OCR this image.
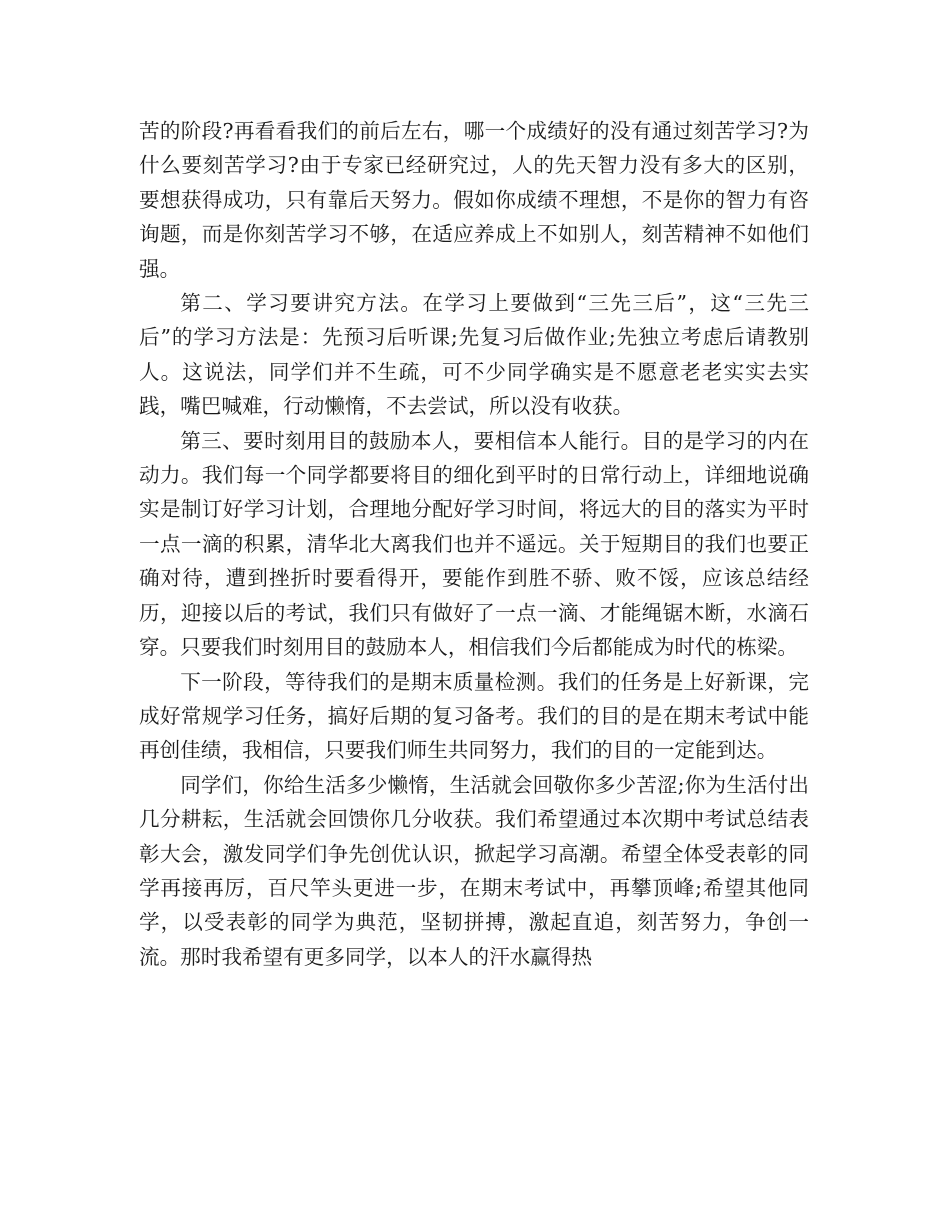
苦的阶段?再看看我们的前后左右，哪一个成绩好的没有通过刻苦学习?为什么要刻苦学习?由于专家已经研究过，人的先天智力没有多大的区别，要想获得成功，只有靠后天努力。假如你成绩不理想，不是你的智力有咨询题，而是你刻苦学习不够，在适应养成上不如别人，刻苦精神不如他们强。

第二、学习要讲究方法。在学习上要做到“三先三后”，这“三先三后”的学习方法是：先预习后听课;先复习后做作业;先独立考虑后请教别人。这说法，同学们并不生疏，可不少同学确实是不愿意老老实实去实践，嘴巴喊难，行动懒惰，不去尝试，所以没有收获。

第三、要时刻用目的鼓励本人，要相信本人能行。目的是学习的内在动力。我们每一个同学都要将目的细化到平时的日常行动上，详细地说确实是制订好学习计划，合理地分配好学习时间，将远大的目的落实为平时一点一滴的积累，清华北大离我们也并不遥远。关于短期目的我们也要正确对待，遭到挫折时要看得开，要能作到胜不骄、败不馁，应该总结经历，迎接以后的考试，我们只有做好了一点一滴、才能绳锯木断，水滴石穿。只要我们时刻用目的鼓励本人，相信我们今后都能成为时代的栋梁。

下一阶段，等待我们的是期末质量检测。我们的任务是上好新课，完成好常规学习任务，搞好后期的复习备考。我们的目的是在期末考试中能再创佳绩，我相信，只要我们师生共同努力，我们的目的一定能到达。

同学们，你给生活多少懒惰，生活就会回敬你多少苦涩;你为生活付出几分耕耘，生活就会回馈你几分收获。我们希望通过本次期中考试总结表彰大会，激发同学们争先创优认识，掀起学习高潮。希望全体受表彰的同学再接再厉，百尺竿头更进一步，在期末考试中，再攀顶峰;希望其他同学，以受表彰的同学为典范，坚韧拼搏，激起直追，刻苦努力，争创一流。那时我希望有更多同学，以本人的汗水赢得热
